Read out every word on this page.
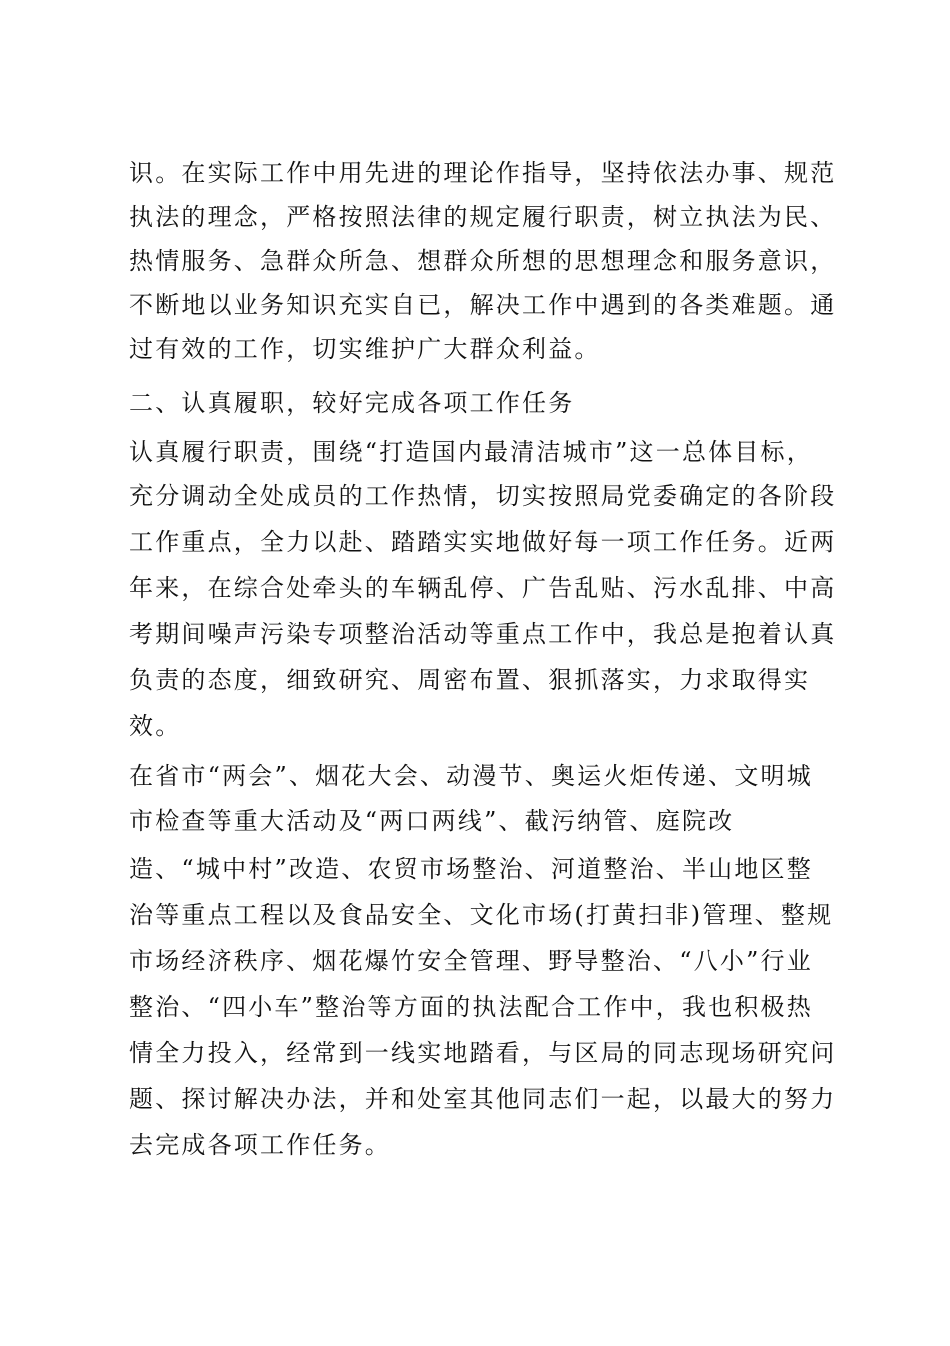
识。在实际工作中用先进的理论作指导，坚持依法办事、规范
执法的理念，严格按照法律的规定履行职责，树立执法为民、
热情服务、急群众所急、想群众所想的思想理念和服务意识，
不断地以业务知识充实自已，解决工作中遇到的各类难题。通
过有效的工作，切实维护广大群众利益。
二、认真履职，较好完成各项工作任务
认真履行职责，围绕“打造国内最清洁城市”这一总体目标，
充分调动全处成员的工作热情，切实按照局党委确定的各阶段
工作重点，全力以赴、踏踏实实地做好每一项工作任务。近两
年来，在综合处牵头的车辆乱停、广告乱贴、污水乱排、中高
考期间噪声污染专项整治活动等重点工作中，我总是抱着认真
负责的态度，细致研究、周密布置、狠抓落实，力求取得实
效。
在省市“两会”、烟花大会、动漫节、奥运火炬传递、文明城
市检查等重大活动及“两口两线”、截污纳管、庭院改
造、“城中村”改造、农贸市场整治、河道整治、半山地区整
治等重点工程以及食品安全、文化市场(打黄扫非)管理、整规
市场经济秩序、烟花爆竹安全管理、野导整治、“八小”行业
整治、“四小车”整治等方面的执法配合工作中，我也积极热
情全力投入，经常到一线实地踏看，与区局的同志现场研究问
题、探讨解决办法，并和处室其他同志们一起，以最大的努力
去完成各项工作任务。
